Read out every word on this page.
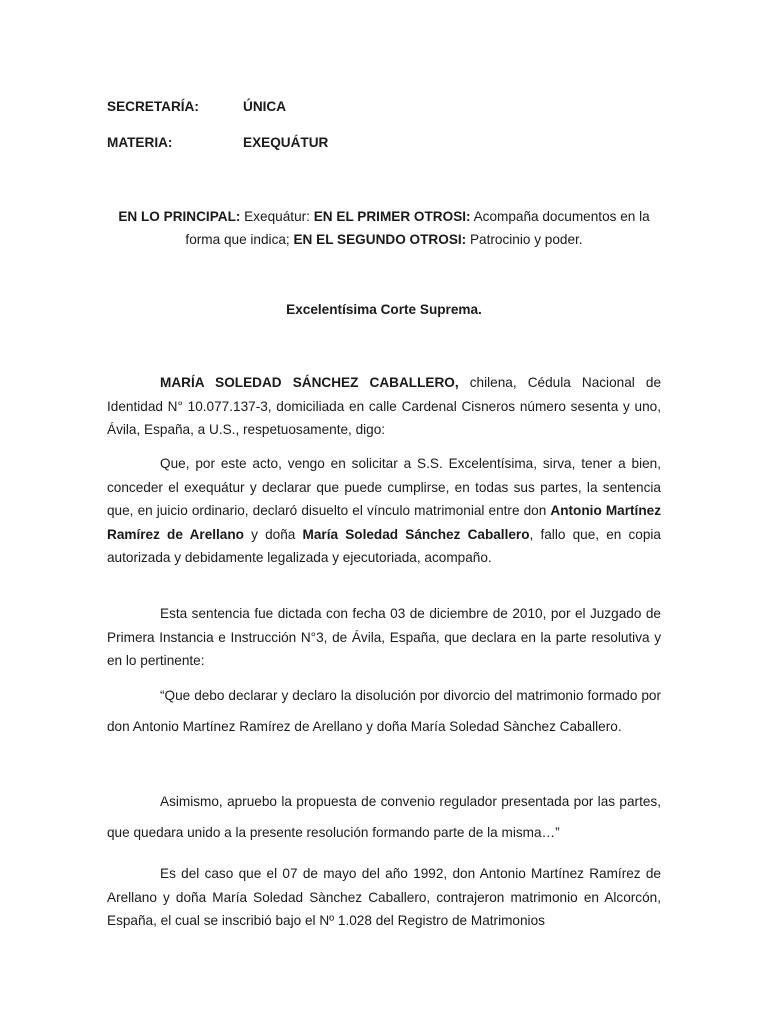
SECRETARÍA:	ÚNICA
MATERIA:	EXEQUÁTUR
EN LO PRINCIPAL: Exequátur: EN EL PRIMER OTROSI: Acompaña documentos en la forma que indica; EN EL SEGUNDO OTROSI: Patrocinio y poder.
Excelentísima Corte Suprema.

MARÍA SOLEDAD SÁNCHEZ CABALLERO, chilena, Cédula Nacional de Identidad N° 10.077.137-3, domiciliada en calle Cardenal Cisneros número sesenta y uno, Ávila, España, a U.S., respetuosamente, digo:

Que, por este acto, vengo en solicitar a S.S. Excelentísima, sirva, tener a bien, conceder el exequátur y declarar que puede cumplirse, en todas sus partes, la sentencia que, en juicio ordinario, declaró disuelto el vínculo matrimonial entre don Antonio Martínez Ramírez de Arellano y doña María Soledad Sánchez Caballero, fallo que, en copia autorizada y debidamente legalizada y ejecutoriada, acompaño.

Esta sentencia fue dictada con fecha 03 de diciembre de 2010, por el Juzgado de Primera Instancia e Instrucción N°3, de Ávila, España, que declara en la parte resolutiva y en lo pertinente:

“Que debo declarar y declaro la disolución por divorcio del matrimonio formado por don Antonio Martínez Ramírez de Arellano y doña María Soledad Sànchez Caballero.

Asimismo, apruebo la propuesta de convenio regulador presentada por las partes, que quedara unido a la presente resolución formando parte de la misma…”

Es del caso que el 07 de mayo del año 1992, don Antonio Martínez Ramírez de Arellano y doña María Soledad Sànchez Caballero, contrajeron matrimonio en Alcorcón, España, el cual se inscribió bajo el Nº 1.028 del Registro de Matrimonios
